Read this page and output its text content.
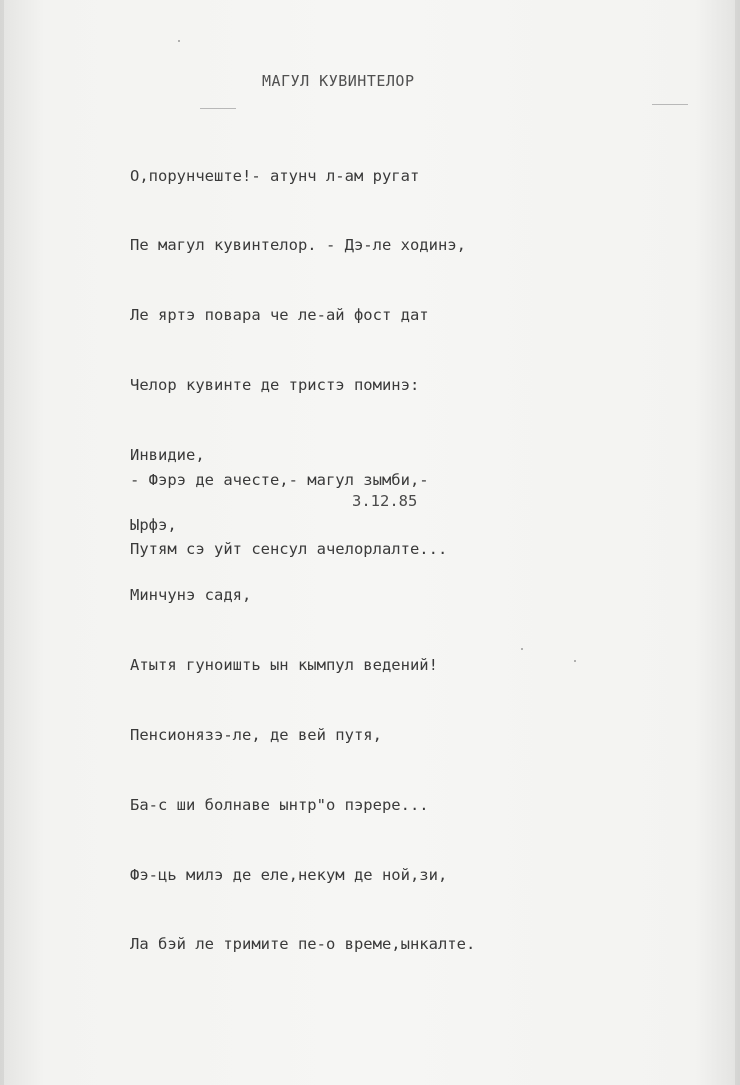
МАГУЛ КУВИНТЕЛОР

О,порунчеште!- атунч л-ам ругат

Пе магул кувинтелор. - Дэ-ле ходинэ,

Ле яртэ повара че ле-ай фост дат

Челор кувинте де тристэ поминэ:

Инвидие,

Ырфэ,

Минчунэ садя,

Атытя гуноишть ын кымпул ведений!

Пенсионязэ-ле, де вей путя,

Ба-с ши болнаве ынтр"о пэрере...

Фэ-ць милэ де еле,некум де ной,зи,

Ла бэй ле тримите пе-о време,ынкалте.

- Фэрэ де ачесте,- магул зымби,-

Путям сэ уйт сенсул ачелорлалте...

3.12.85
